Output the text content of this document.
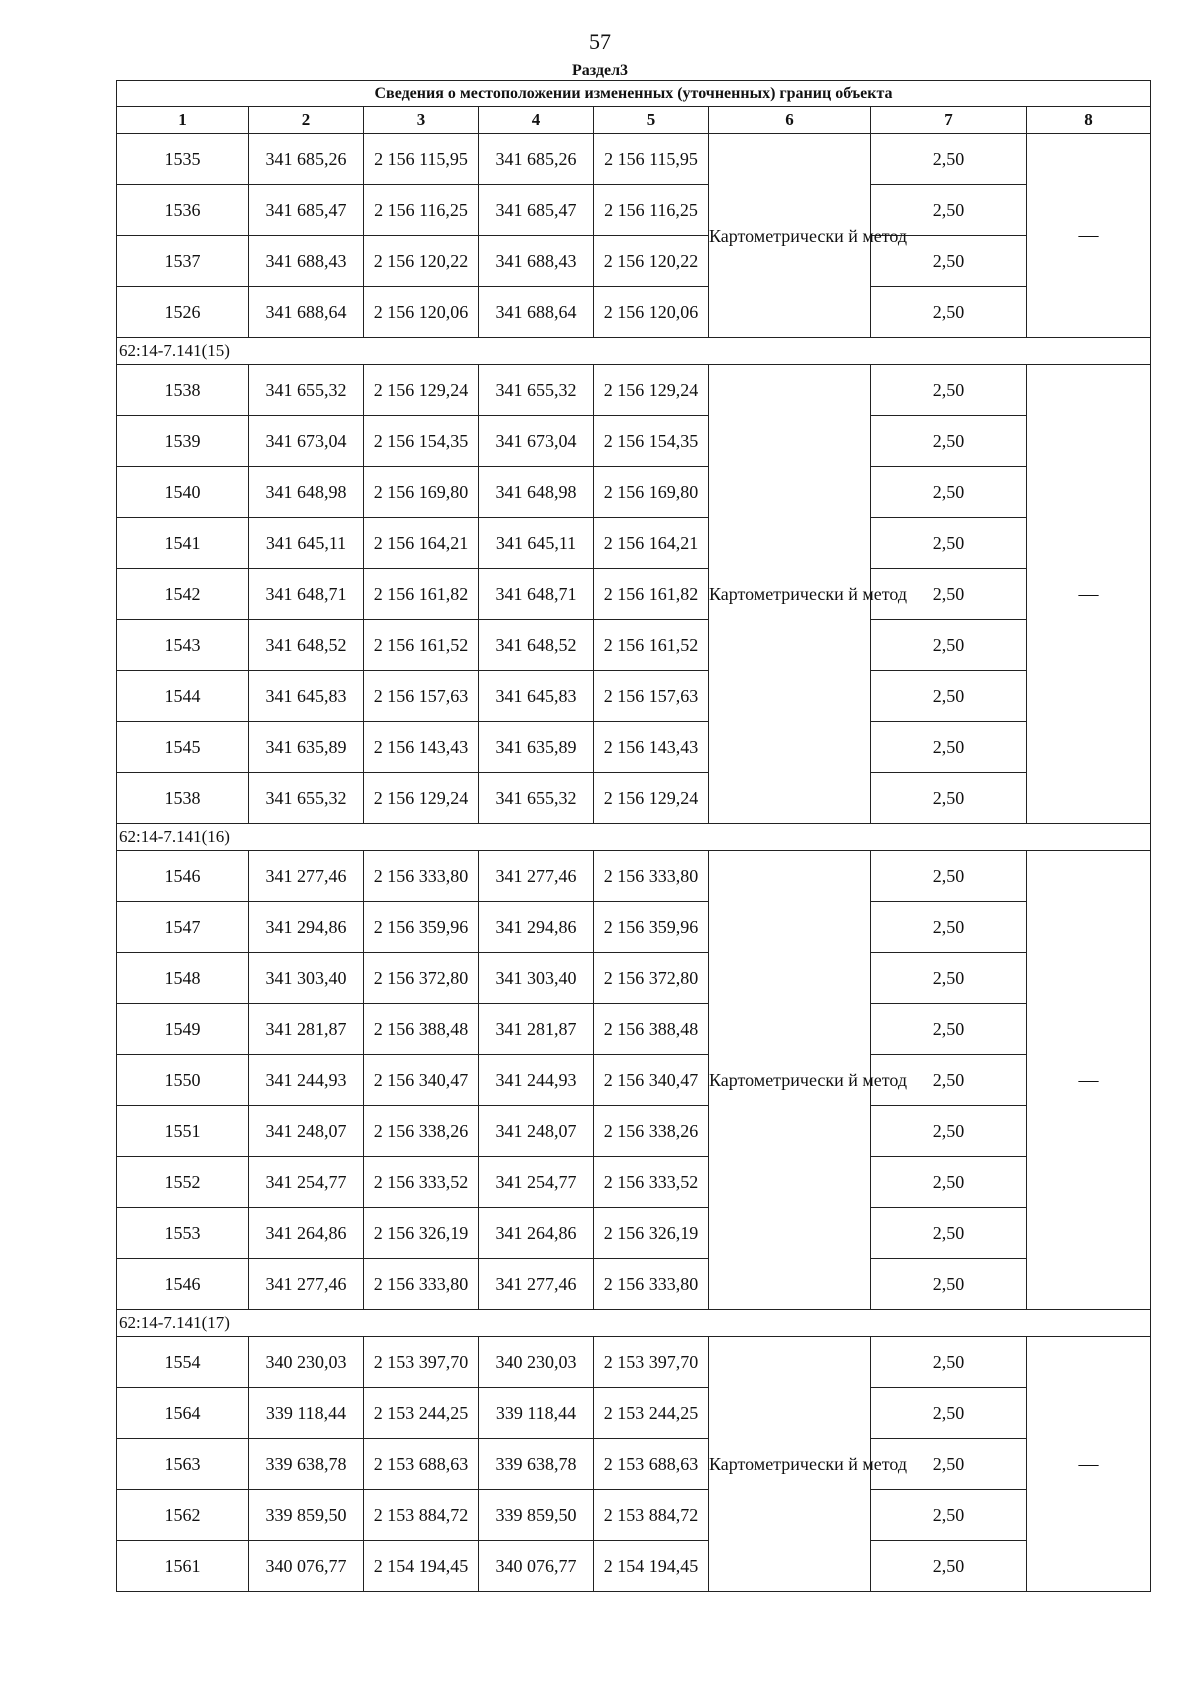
57
Раздел3
Сведения о местоположении измененных (уточненных) границ объекта							
1	2	3	4	5	6	7	8
1535	341 685,26	2 156 115,95	341 685,26	2 156 115,95	Картометрически й метод	2,50	—
1536	341 685,47	2 156 116,25	341 685,47	2 156 116,25		2,50	
1537	341 688,43	2 156 120,22	341 688,43	2 156 120,22		2,50	
1526	341 688,64	2 156 120,06	341 688,64	2 156 120,06		2,50	
62:14-7.141(15)							
1538	341 655,32	2 156 129,24	341 655,32	2 156 129,24	Картометрически й метод	2,50	—
1539	341 673,04	2 156 154,35	341 673,04	2 156 154,35		2,50	
1540	341 648,98	2 156 169,80	341 648,98	2 156 169,80		2,50	
1541	341 645,11	2 156 164,21	341 645,11	2 156 164,21		2,50	
1542	341 648,71	2 156 161,82	341 648,71	2 156 161,82		2,50	
1543	341 648,52	2 156 161,52	341 648,52	2 156 161,52		2,50	
1544	341 645,83	2 156 157,63	341 645,83	2 156 157,63		2,50	
1545	341 635,89	2 156 143,43	341 635,89	2 156 143,43		2,50	
1538	341 655,32	2 156 129,24	341 655,32	2 156 129,24		2,50	
62:14-7.141(16)							
1546	341 277,46	2 156 333,80	341 277,46	2 156 333,80	Картометрически й метод	2,50	—
1547	341 294,86	2 156 359,96	341 294,86	2 156 359,96		2,50	
1548	341 303,40	2 156 372,80	341 303,40	2 156 372,80		2,50	
1549	341 281,87	2 156 388,48	341 281,87	2 156 388,48		2,50	
1550	341 244,93	2 156 340,47	341 244,93	2 156 340,47		2,50	
1551	341 248,07	2 156 338,26	341 248,07	2 156 338,26		2,50	
1552	341 254,77	2 156 333,52	341 254,77	2 156 333,52		2,50	
1553	341 264,86	2 156 326,19	341 264,86	2 156 326,19		2,50	
1546	341 277,46	2 156 333,80	341 277,46	2 156 333,80		2,50	
62:14-7.141(17)							
1554	340 230,03	2 153 397,70	340 230,03	2 153 397,70	Картометрически й метод	2,50	—
1564	339 118,44	2 153 244,25	339 118,44	2 153 244,25		2,50	
1563	339 638,78	2 153 688,63	339 638,78	2 153 688,63		2,50	
1562	339 859,50	2 153 884,72	339 859,50	2 153 884,72		2,50	
1561	340 076,77	2 154 194,45	340 076,77	2 154 194,45		2,50	
